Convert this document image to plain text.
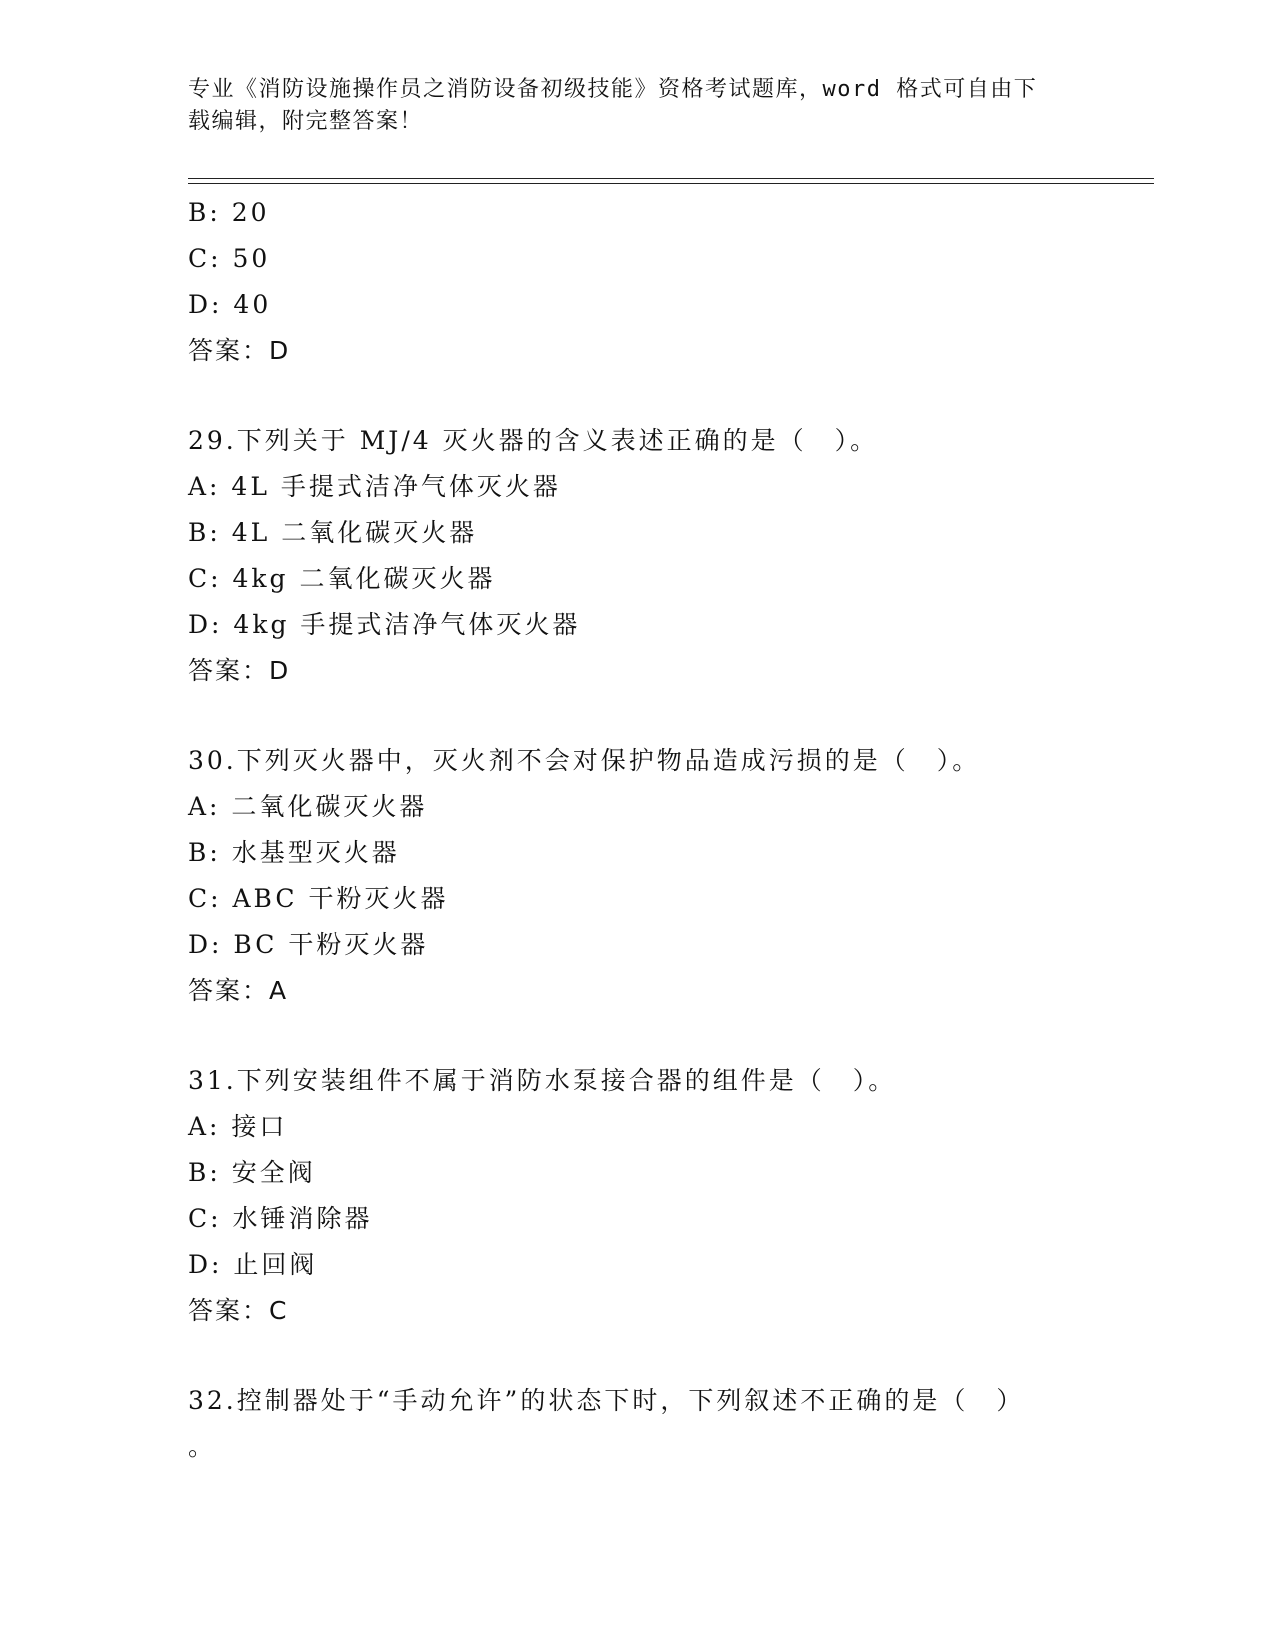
专业《消防设施操作员之消防设备初级技能》资格考试题库，word 格式可自由下
载编辑，附完整答案！
B: 20
C: 50
D: 40
答案：D
29.下列关于 MJ/4 灭火器的含义表述正确的是（　）。
A: 4L 手提式洁净气体灭火器
B: 4L 二氧化碳灭火器
C: 4kg 二氧化碳灭火器
D: 4kg 手提式洁净气体灭火器
答案：D
30.下列灭火器中，灭火剂不会对保护物品造成污损的是（　）。
A: 二氧化碳灭火器
B: 水基型灭火器
C: ABC 干粉灭火器
D: BC 干粉灭火器
答案：A
31.下列安装组件不属于消防水泵接合器的组件是（　）。
A: 接口
B: 安全阀
C: 水锤消除器
D: 止回阀
答案：C
32.控制器处于“手动允许”的状态下时，下列叙述不正确的是（　）
。
